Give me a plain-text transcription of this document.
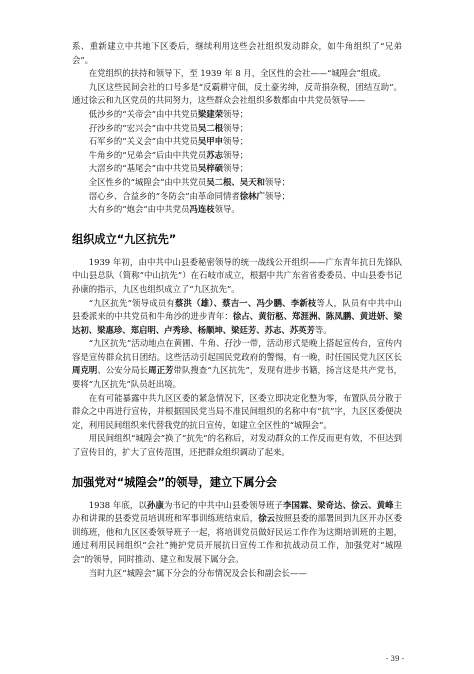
系、重新建立中共地下区委后，继续利用这些会社组织发动群众，如牛角组织了“兄弟会”。

在党组织的扶持和领导下，至 1939 年 8 月，全区性的会社——“城隍会”组成。

九区这些民间会社的口号多是“反霸耕守佃，反土豪劣绅，反苛捐杂税，团结互助”。通过徐云和九区党员的共同努力，这些群众会社组织多数都由中共党员领导——

低沙乡的“关帝会”由中共党员梁建荣领导；
孖沙乡的“宏兴会”由中共党员吴二根领导；
石军乡的“关义会”由中共党员吴甲申领导；
牛角乡的“兄弟会”后由中共党员苏志领导；
大滘乡的“基尾会”由中共党员吴梓硕领导；
全区性乡的“城隍会”由中共党员吴二根、吴天和领导；
滘心乡、合益乡的“冬防会”由革命同情者徐林广领导；
大有乡的“炮会”由中共党员冯连枝领导。
组织成立“九区抗先”

1939 年初，由中共中山县委秘密领导的统一战线公开组织——广东青年抗日先锋队中山县总队（简称“中山抗先”）在石岐市成立，根据中共广东省省委委员、中山县委书记孙康的指示，九区也组织成立了“九区抗先”。

“九区抗先”领导成员有蔡洪（雄）、蔡吉一、冯少鹏、李新枝等人，队员有中共中山县委派来的中共党员和牛角沙的进步青年：徐占、黄衍柩、郑涯洲、陈凤鹏、黄进妍、梁达初、梁惠珍、郑启明、卢秀珍、杨顺坤、梁廷芳、苏志、苏英芳等。

“九区抗先”活动地点在黄圃、牛角、孖沙一带，活动形式是晚上搭起宣传台，宣传内容是宣传群众抗日团结。这些活动引起国民党政府的警惕，有一晚，时任国民党九区区长周克明、公安分局长周正芳带队搜查“九区抗先”，发现有进步书籍，扬言这是共产党书，要将“九区抗先”队员赶出境。

在有可能暴露中共九区区委的紧急情况下，区委立即决定化整为零，布置队员分散于群众之中再进行宣传，并根据国民党当局不准民间组织的名称中有“抗”字，九区区委便决定，利用民间组织来代替我党的抗日宣传，如建立全区性的“城隍会”。

用民间组织“城隍会”换了“抗先”的名称后，对发动群众的工作反而更有效，不但达到了宣传目的，扩大了宣传范围，还把群众组织调动了起来。

加强党对“城隍会”的领导，建立下属分会

1938 年底，以孙康为书记的中共中山县委领导班子李国霖、梁奇达、徐云、黄峰主办和讲课的县委党员培训班和军事训练班结束后，徐云按照县委的部署回到九区开办区委训练班，他和九区区委领导班子一起，将培训党员做好民运工作作为这期培训班的主题，通过利用民间组织“会社”掩护党员开展抗日宣传工作和抗战动员工作，加强党对“城隍会”的领导，同时推动、建立和发展下属分会。

当时九区“城隍会”属下分会的分布情况及会长和副会长——

- 39 -
